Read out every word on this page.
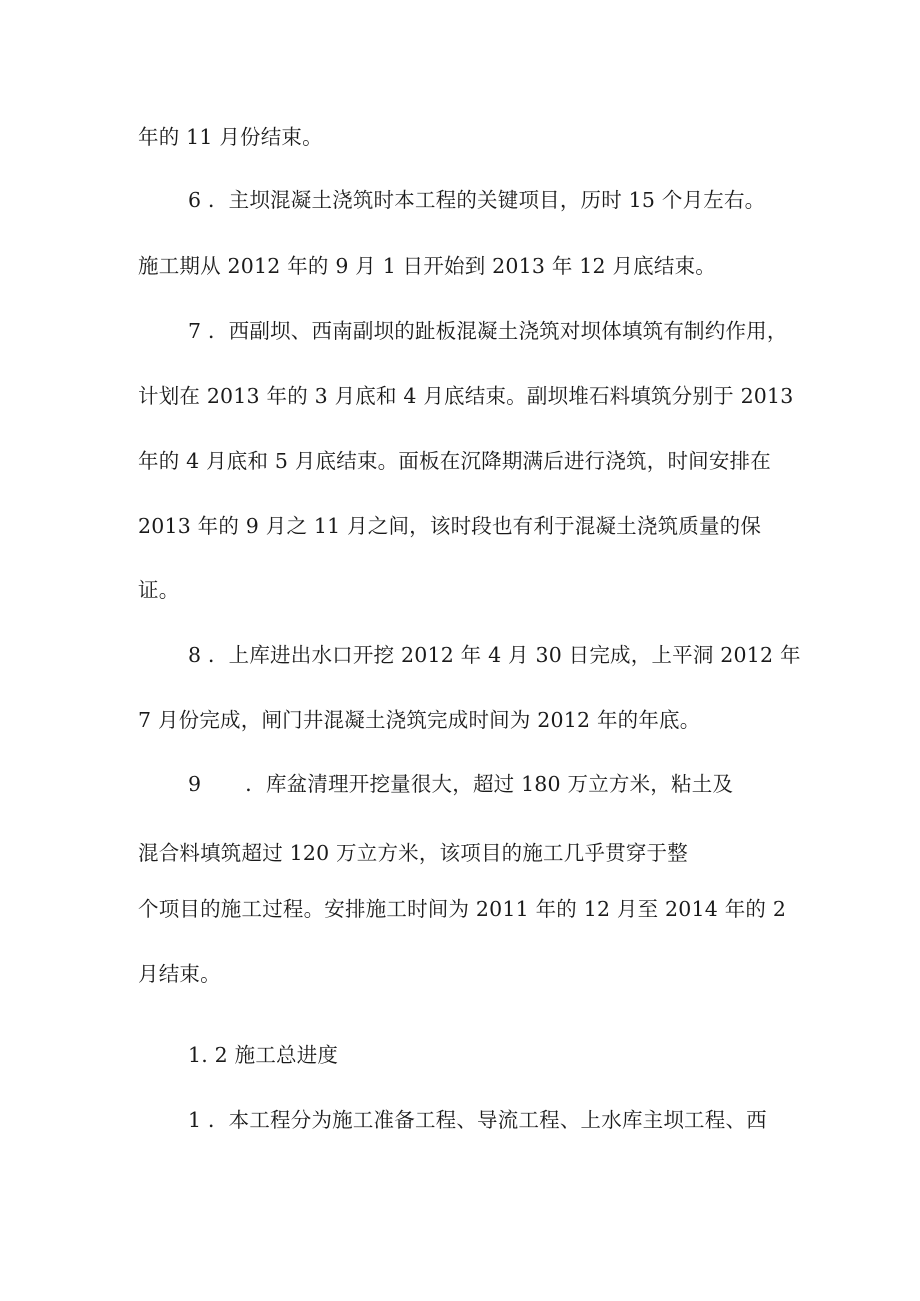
年的 11 月份结束。
6 ．主坝混凝土浇筑时本工程的关键项目，历时 15 个月左右。
施工期从 2012 年的 9 月 1 日开始到 2013 年 12 月底结束。
7 ．西副坝、西南副坝的趾板混凝土浇筑对坝体填筑有制约作用，
计划在 2013 年的 3 月底和 4 月底结束。副坝堆石料填筑分别于 2013
年的 4 月底和 5 月底结束。面板在沉降期满后进行浇筑，时间安排在
2013 年的 9 月之 11 月之间，该时段也有利于混凝土浇筑质量的保
证。
8 ．上库进出水口开挖 2012 年 4 月 30 日完成，上平洞 2012 年
7 月份完成，闸门井混凝土浇筑完成时间为 2012 年的年底。
9 ．库盆清理开挖量很大，超过 180 万立方米，粘土及
混合料填筑超过 120 万立方米，该项目的施工几乎贯穿于整
个项目的施工过程。安排施工时间为 2011 年的 12 月至 2014 年的 2
月结束。
1. 2 施工总进度
1 ．本工程分为施工准备工程、导流工程、上水库主坝工程、西
